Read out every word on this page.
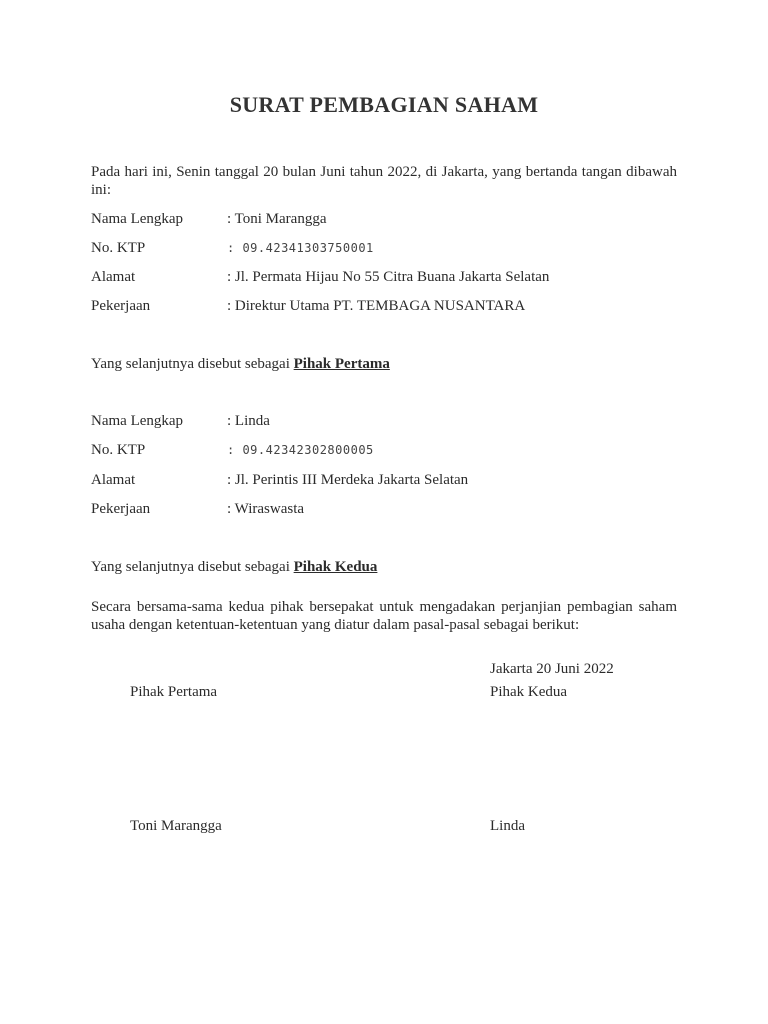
SURAT PEMBAGIAN SAHAM
Pada hari ini, Senin tanggal 20 bulan Juni tahun 2022, di Jakarta, yang bertanda tangan dibawah ini:
Nama Lengkap	: Toni Marangga
No. KTP	: 09.42341303750001
Alamat	: Jl. Permata Hijau No 55 Citra Buana Jakarta Selatan
Pekerjaan	: Direktur Utama PT. TEMBAGA NUSANTARA
Yang selanjutnya disebut sebagai Pihak Pertama
Nama Lengkap	: Linda
No. KTP	: 09.42342302800005
Alamat	: Jl. Perintis III Merdeka Jakarta Selatan
Pekerjaan	: Wiraswasta
Yang selanjutnya disebut sebagai Pihak Kedua
Secara bersama-sama kedua pihak bersepakat untuk mengadakan perjanjian pembagian saham usaha dengan ketentuan-ketentuan yang diatur dalam pasal-pasal sebagai berikut:
Jakarta 20 Juni 2022
Pihak Pertama	Pihak Kedua
Toni Marangga	Linda
